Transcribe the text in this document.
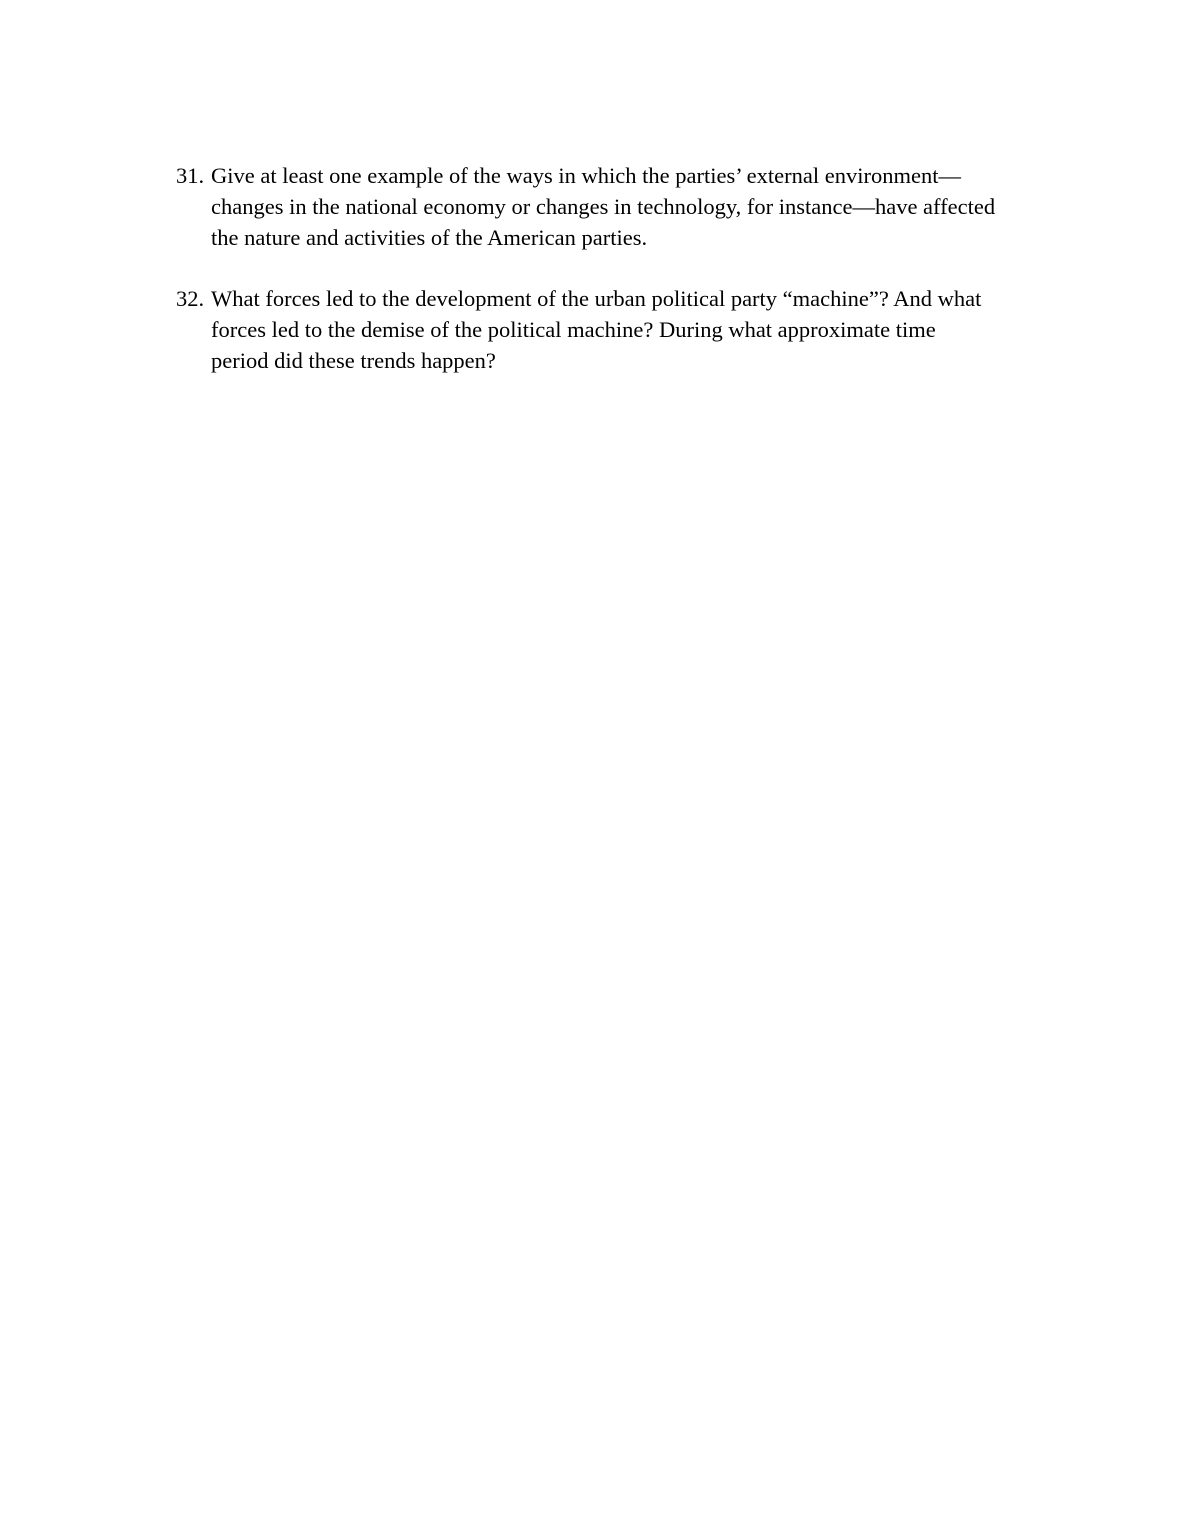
31. Give at least one example of the ways in which the parties’ external environment—changes in the national economy or changes in technology, for instance—have affected the nature and activities of the American parties.
32. What forces led to the development of the urban political party “machine”? And what forces led to the demise of the political machine? During what approximate time period did these trends happen?
